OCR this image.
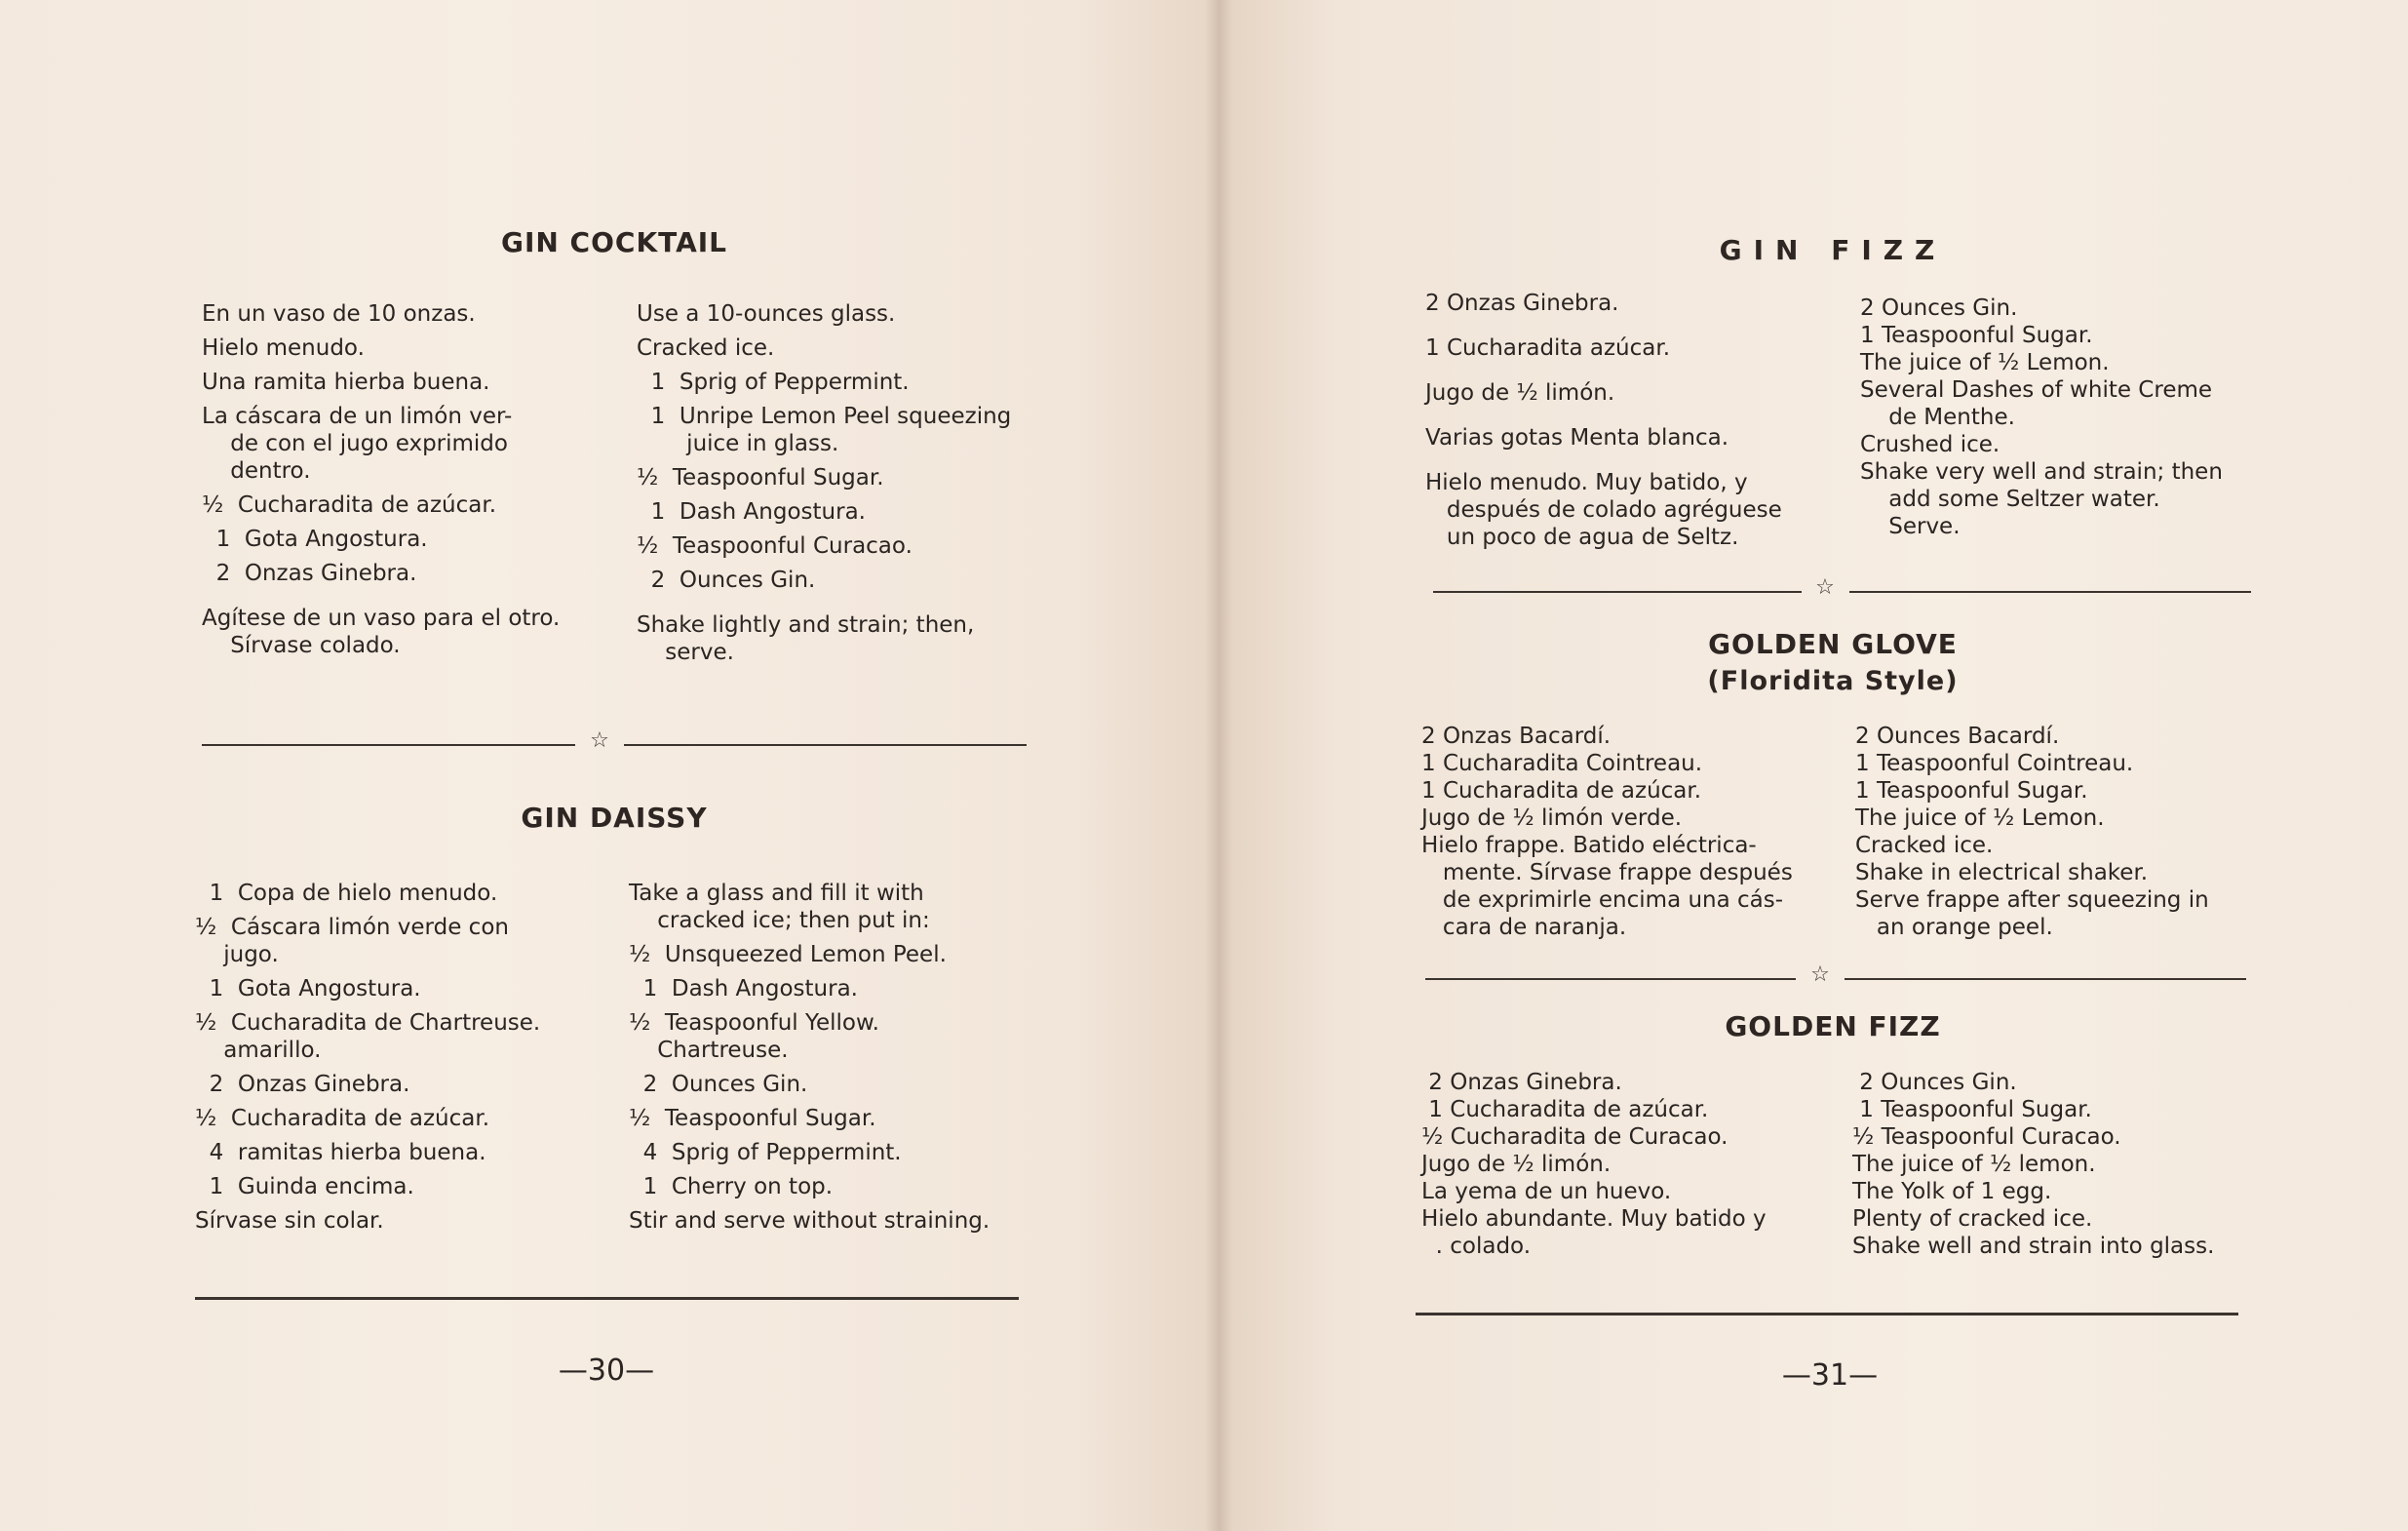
GIN COCKTAIL
En un vaso de 10 onzas.
Hielo menudo.
Una ramita hierba buena.
La cáscara de un limón ver-
de con el jugo exprimido
dentro.
½  Cucharadita de azúcar.
1  Gota Angostura.
2  Onzas Ginebra.
Agítese de un vaso para el otro.
Sírvase colado.
Use a 10-ounces glass.
Cracked ice.
1  Sprig of Peppermint.
1  Unripe Lemon Peel squeezing
juice in glass.
½  Teaspoonful Sugar.
1  Dash Angostura.
½  Teaspoonful Curacao.
2  Ounces Gin.
Shake lightly and strain; then,
serve.
☆
GIN DAISSY
1  Copa de hielo menudo.
½  Cáscara limón verde con
jugo.
1  Gota Angostura.
½  Cucharadita de Chartreuse.
amarillo.
2  Onzas Ginebra.
½  Cucharadita de azúcar.
4  ramitas hierba buena.
1  Guinda encima.
Sírvase sin colar.
Take a glass and fill it with
cracked ice; then put in:
½  Unsqueezed Lemon Peel.
1  Dash Angostura.
½  Teaspoonful Yellow.
Chartreuse.
2  Ounces Gin.
½  Teaspoonful Sugar.
4  Sprig of Peppermint.
1  Cherry on top.
Stir and serve without straining.
—30—
GIN FIZZ
2 Onzas Ginebra.
1 Cucharadita azúcar.
Jugo de ½ limón.
Varias gotas Menta blanca.
Hielo menudo. Muy batido, y
después de colado agréguese
un poco de agua de Seltz.
2 Ounces Gin.
1 Teaspoonful Sugar.
The juice of ½ Lemon.
Several Dashes of white Creme
de Menthe.
Crushed ice.
Shake very well and strain; then
add some Seltzer water.
Serve.
☆
GOLDEN GLOVE
(Floridita Style)
2 Onzas Bacardí.
1 Cucharadita Cointreau.
1 Cucharadita de azúcar.
Jugo de ½ limón verde.
Hielo frappe. Batido eléctrica-
mente. Sírvase frappe después
de exprimirle encima una cás-
cara de naranja.
2 Ounces Bacardí.
1 Teaspoonful Cointreau.
1 Teaspoonful Sugar.
The juice of ½ Lemon.
Cracked ice.
Shake in electrical shaker.
Serve frappe after squeezing in
an orange peel.
☆
GOLDEN FIZZ
2 Onzas Ginebra.
1 Cucharadita de azúcar.
½ Cucharadita de Curacao.
Jugo de ½ limón.
La yema de un huevo.
Hielo abundante. Muy batido y
. colado.
2 Ounces Gin.
1 Teaspoonful Sugar.
½ Teaspoonful Curacao.
The juice of ½ lemon.
The Yolk of 1 egg.
Plenty of cracked ice.
Shake well and strain into glass.
—31—
